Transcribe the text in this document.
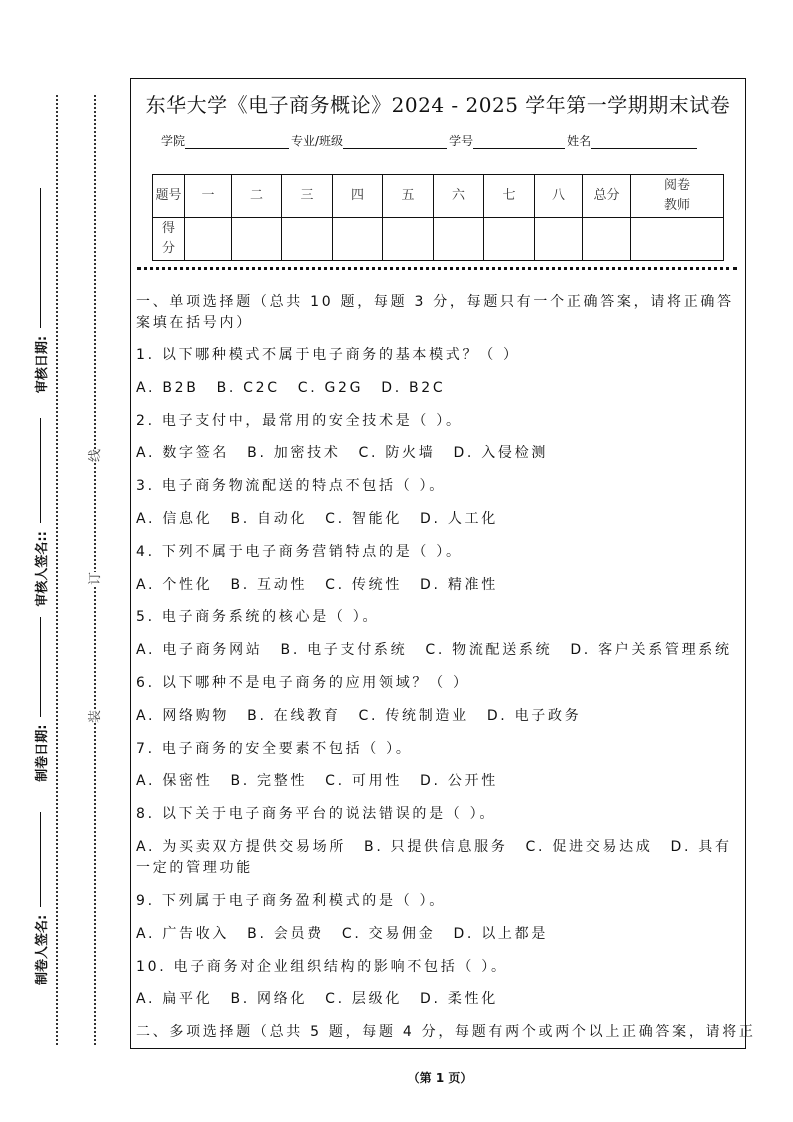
制卷人签名:
制卷日期:
审核人签名::
审核日期:
线
订
装
东华大学《电子商务概论》2024 - 2025 学年第一学期期末试卷
学院	专业/班级	学号	姓名
题号	一	二	三	四	五	六	七	八	总分	阅卷教师
得分										
一、单项选择题（总共 10 题，每题 3 分，每题只有一个正确答案，请将正确答案填在括号内）
1. 以下哪种模式不属于电子商务的基本模式？（ ）
A. B2B B. C2C C. G2G D. B2C
2. 电子支付中，最常用的安全技术是（ ）。
A. 数字签名 B. 加密技术 C. 防火墙 D. 入侵检测
3. 电子商务物流配送的特点不包括（ ）。
A. 信息化 B. 自动化 C. 智能化 D. 人工化
4. 下列不属于电子商务营销特点的是（ ）。
A. 个性化 B. 互动性 C. 传统性 D. 精准性
5. 电子商务系统的核心是（ ）。
A. 电子商务网站 B. 电子支付系统 C. 物流配送系统 D. 客户关系管理系统
6. 以下哪种不是电子商务的应用领域？（ ）
A. 网络购物 B. 在线教育 C. 传统制造业 D. 电子政务
7. 电子商务的安全要素不包括（ ）。
A. 保密性 B. 完整性 C. 可用性 D. 公开性
8. 以下关于电子商务平台的说法错误的是（ ）。
A. 为买卖双方提供交易场所 B. 只提供信息服务 C. 促进交易达成 D. 具有一定的管理功能
9. 下列属于电子商务盈利模式的是（ ）。
A. 广告收入 B. 会员费 C. 交易佣金 D. 以上都是
10. 电子商务对企业组织结构的影响不包括（ ）。
A. 扁平化 B. 网络化 C. 层级化 D. 柔性化
二、多项选择题（总共 5 题，每题 4 分，每题有两个或两个以上正确答案，请将正
（第 1 页）
